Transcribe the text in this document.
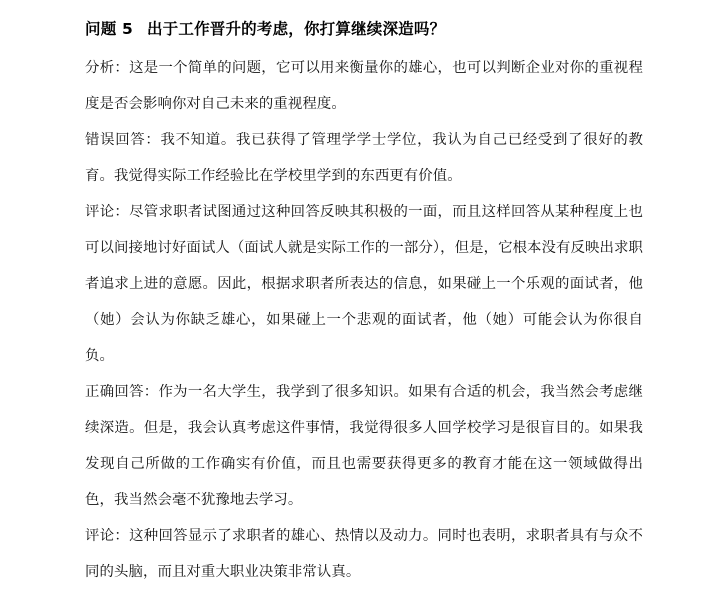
问题 5 出于工作晋升的考虑，你打算继续深造吗？

分析：这是一个简单的问题，它可以用来衡量你的雄心，也可以判断企业对你的重视程度是否会影响你对自己未来的重视程度。

错误回答：我不知道。我已获得了管理学学士学位，我认为自己已经受到了很好的教育。我觉得实际工作经验比在学校里学到的东西更有价值。

评论：尽管求职者试图通过这种回答反映其积极的一面，而且这样回答从某种程度上也可以间接地讨好面试人（面试人就是实际工作的一部分），但是，它根本没有反映出求职者追求上进的意愿。因此，根据求职者所表达的信息，如果碰上一个乐观的面试者，他（她）会认为你缺乏雄心，如果碰上一个悲观的面试者，他（她）可能会认为你很自负。

正确回答：作为一名大学生，我学到了很多知识。如果有合适的机会，我当然会考虑继续深造。但是，我会认真考虑这件事情，我觉得很多人回学校学习是很盲目的。如果我发现自己所做的工作确实有价值，而且也需要获得更多的教育才能在这一领域做得出色，我当然会毫不犹豫地去学习。

评论：这种回答显示了求职者的雄心、热情以及动力。同时也表明，求职者具有与众不同的头脑，而且对重大职业决策非常认真。
